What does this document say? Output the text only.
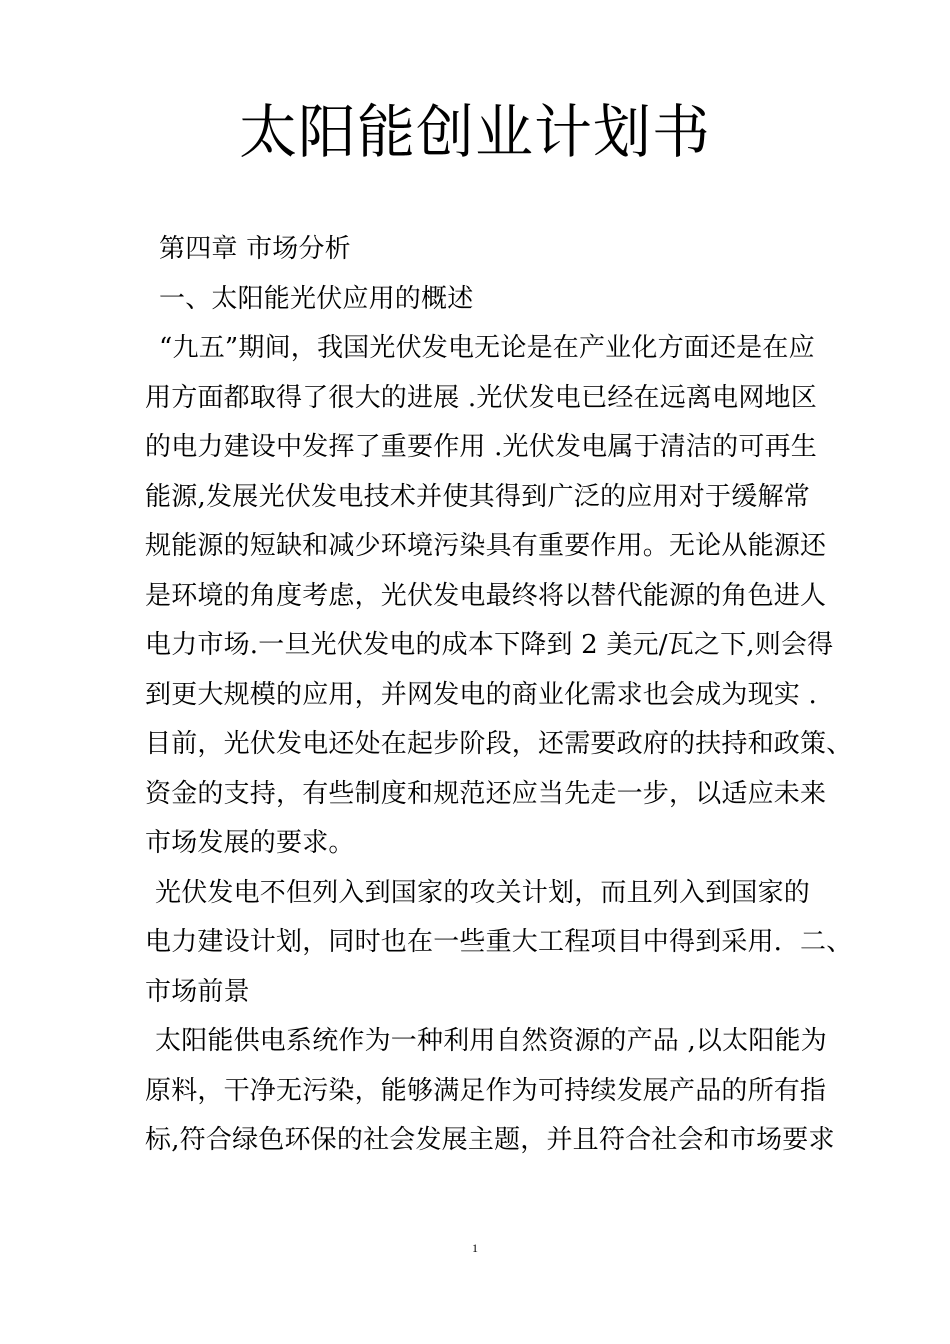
太阳能创业计划书
第四章 市场分析
一、太阳能光伏应用的概述
“九五”期间，我国光伏发电无论是在产业化方面还是在应
用方面都取得了很大的进展 .光伏发电已经在远离电网地区
的电力建设中发挥了重要作用 .光伏发电属于清洁的可再生
能源,发展光伏发电技术并使其得到广泛的应用对于缓解常
规能源的短缺和减少环境污染具有重要作用。无论从能源还
是环境的角度考虑，光伏发电最终将以替代能源的角色进人
电力市场.一旦光伏发电的成本下降到 2 美元/瓦之下,则会得
到更大规模的应用，并网发电的商业化需求也会成为现实 .
目前，光伏发电还处在起步阶段，还需要政府的扶持和政策、
资金的支持，有些制度和规范还应当先走一步，以适应未来
市场发展的要求。
光伏发电不但列入到国家的攻关计划，而且列入到国家的
电力建设计划，同时也在一些重大工程项目中得到采用．二、
市场前景
太阳能供电系统作为一种利用自然资源的产品 ,以太阳能为
原料，干净无污染，能够满足作为可持续发展产品的所有指
标,符合绿色环保的社会发展主题，并且符合社会和市场要求
1
